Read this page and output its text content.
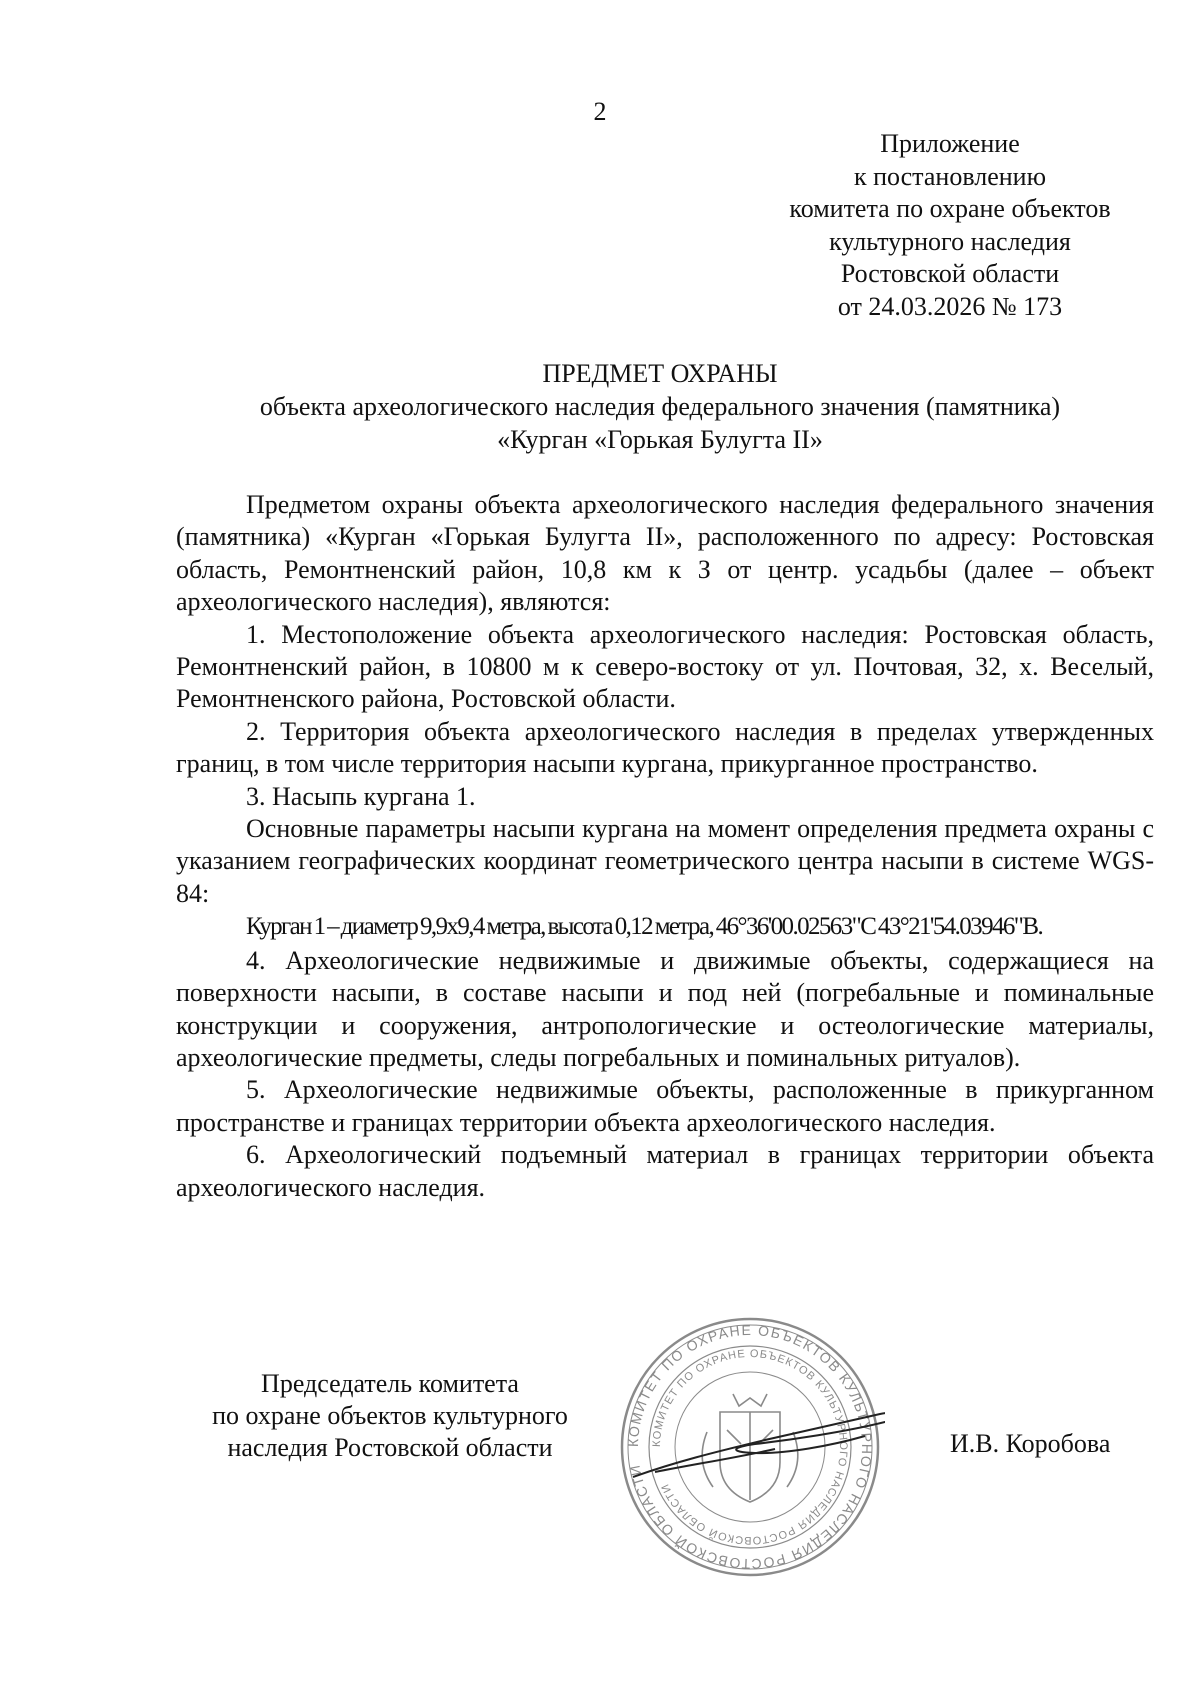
2
Приложение
к постановлению
комитета по охране объектов
культурного наследия
Ростовской области
от 24.03.2026 № 173
ПРЕДМЕТ ОХРАНЫ
объекта археологического наследия федерального значения (памятника)
«Курган «Горькая Булугта II»

Предметом охраны объекта археологического наследия федерального значения (памятника) «Курган «Горькая Булугта II», расположенного по адресу: Ростовская область, Ремонтненский район, 10,8 км к З от центр. усадьбы (далее – объект археологического наследия), являются:

1. Местоположение объекта археологического наследия: Ростовская область, Ремонтненский район, в 10800 м к северо-востоку от ул. Почтовая, 32, х. Веселый, Ремонтненского района, Ростовской области.

2. Территория объекта археологического наследия в пределах утвержденных границ, в том числе территория насыпи кургана, прикурганное пространство.

3. Насыпь кургана 1.

Основные параметры насыпи кургана на момент определения предмета охраны с указанием географических координат геометрического центра насыпи в системе WGS-84:

Курган 1 – диаметр 9,9х9,4 метра, высота 0,12 метра, 46°36'00.02563"С 43°21'54.03946"В.

4. Археологические недвижимые и движимые объекты, содержащиеся на поверхности насыпи, в составе насыпи и под ней (погребальные и поминальные конструкции и сооружения, антропологические и остеологические материалы, археологические предметы, следы погребальных и поминальных ритуалов).

5. Археологические недвижимые объекты, расположенные в прикурганном пространстве и границах территории объекта археологического наследия.

6. Археологический подъемный материал в границах территории объекта археологического наследия.

Председатель комитета
по охране объектов культурного
наследия Ростовской области	КОМИТЕТ ПО ОХРАНЕ ОБЪЕКТОВ КУЛЬТУРНОГО НАСЛЕДИЯ РОСТОВСКОЙ ОБЛАСТИ
КОМИТЕТ ПО ОХРАНЕ ОБЪЕКТОВ КУЛЬТУРНОГО НАСЛЕДИЯ РОСТОВСКОЙ ОБЛАСТИ
И.В. Коробова
